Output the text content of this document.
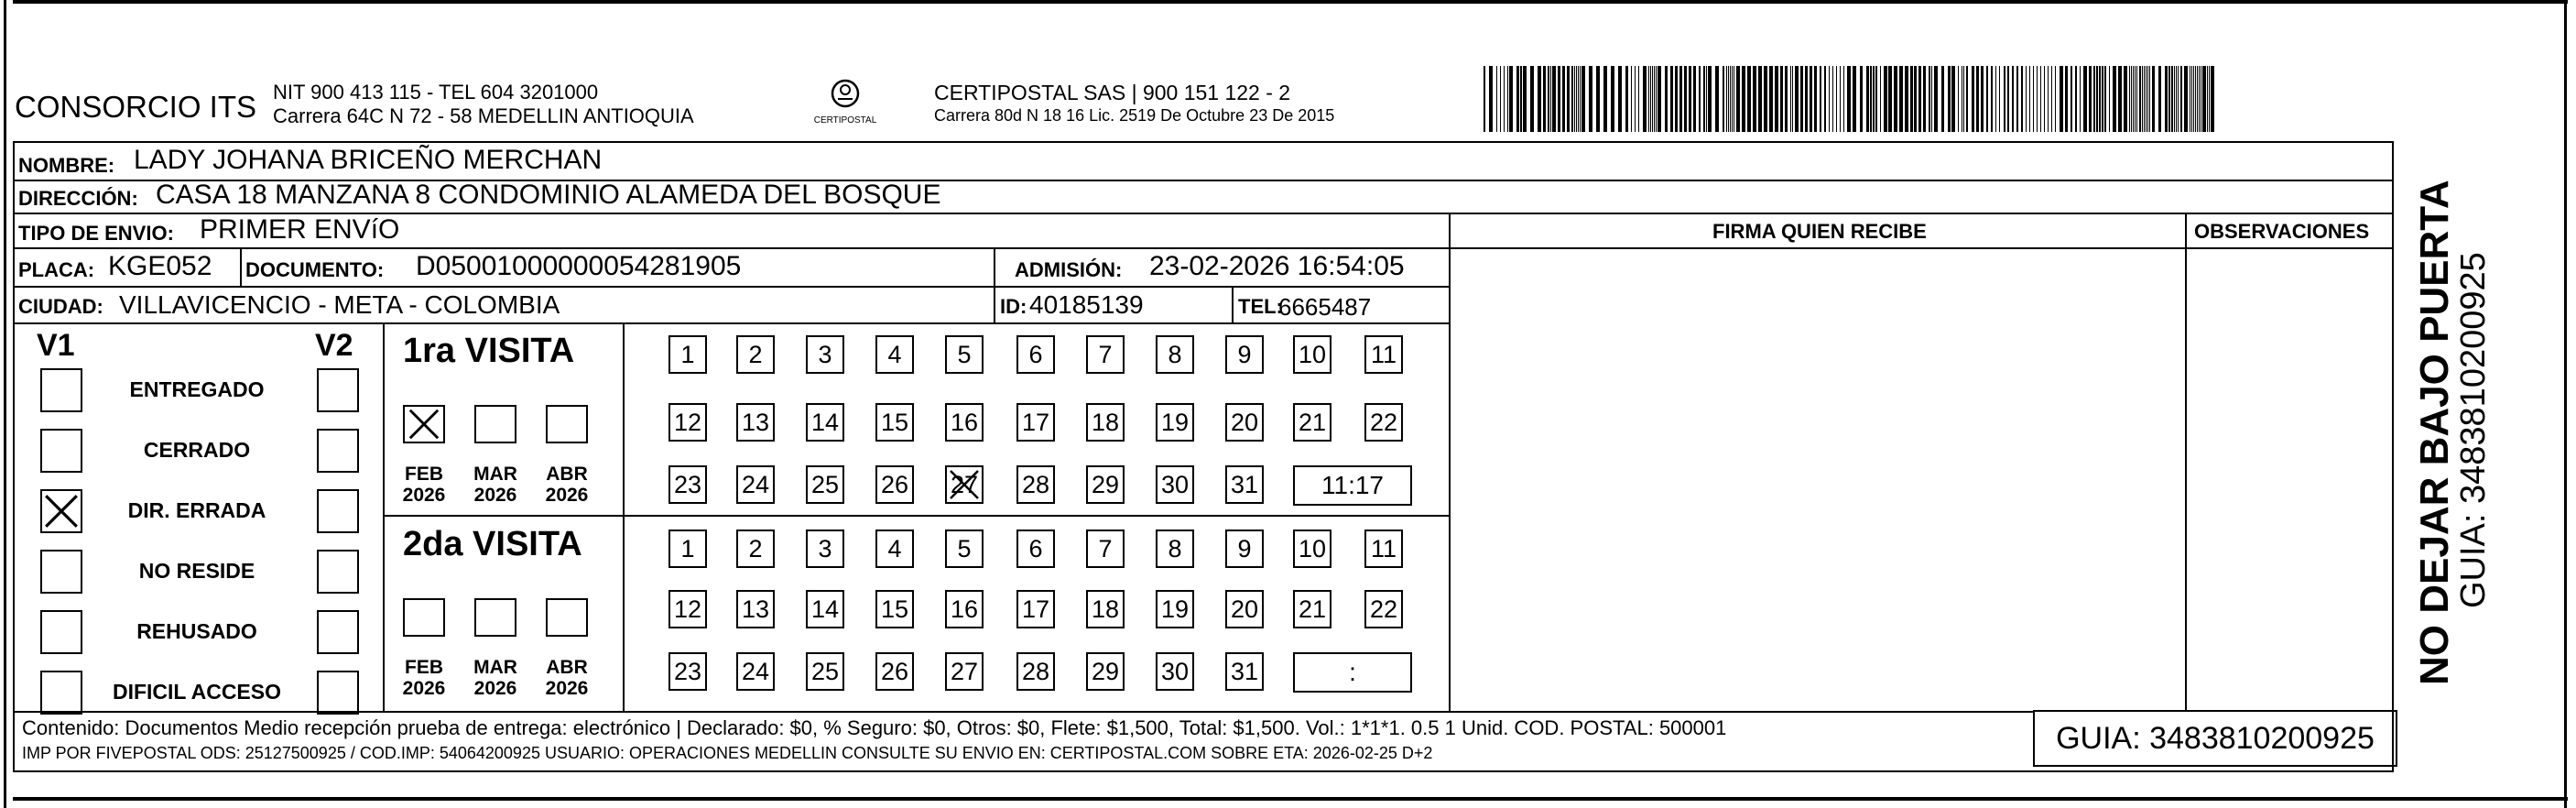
CONSORCIO ITS NIT 900 413 115 - TEL 604 3201000
Carrera 64C N 72 - 58 MEDELLIN ANTIOQUIA	CERTIPOSTAL
CERTIPOSTAL SAS | 900 151 122 - 2
Carrera 80d N 18 16 Lic. 2519 De Octubre 23 De 2015
NOMBRE: LADY JOHANA BRICEÑO MERCHAN
DIRECCIÓN: CASA 18 MANZANA 8 CONDOMINIO ALAMEDA DEL BOSQUE
TIPO DE ENVIO: PRIMER ENVíO
PLACA: KGE052 DOCUMENTO: D05001000000054281905	ADMISIÓN: 23-02-2026 16:54:05
CIUDAD: VILLAVICENCIO - META - COLOMBIA	ID: 40185139	TEL:
6665487
FIRMA QUIEN RECIBE	OBSERVACIONES
V1	V2 1ra VISITA
2da VISITA
Contenido: Documentos Medio recepción prueba de entrega: electrónico | Declarado: $0, % Seguro: $0, Otros: $0, Flete: $1,500, Total: $1,500. Vol.: 1*1*1. 0.5 1 Unid. COD. POSTAL: 500001
IMP POR FIVEPOSTAL ODS: 25127500925 / COD.IMP: 54064200925 USUARIO: OPERACIONES MEDELLIN CONSULTE SU ENVIO EN: CERTIPOSTAL.COM SOBRE ETA: 2026-02-25 D+2	GUIA: 3483810200925
NO DEJAR BAJO PUERTA
GUIA: 3483810200925
ENTREGADO
CERRADO
DIR. ERRADA
NO RESIDE
REHUSADO
DIFICIL ACCESO
FEB
2026
MAR
2026
ABR
2026
FEB
2026
MAR
2026
ABR
2026
1	2	3	4	5	6	7	8	9	10 11
12 13 14 15 16 17 18 19 20 21 22
23 24 25 26 27 28 29 30 31	11:17
1	2	3	4	5	6	7	8	9	10 11
12 13 14 15 16 17 18 19 20 21 22
23 24 25 26 27 28 29 30 31	:
